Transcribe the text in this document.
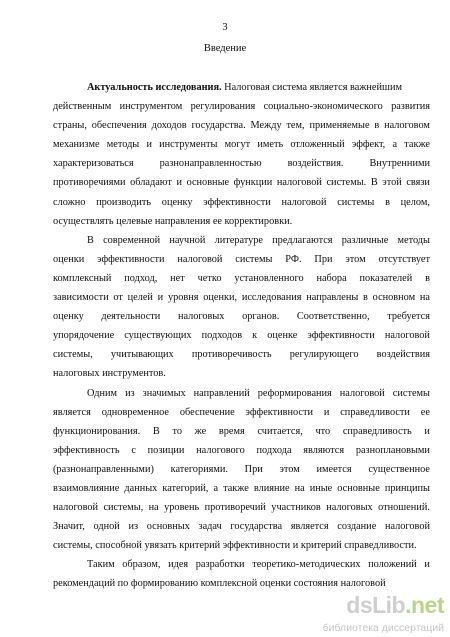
3
Введение
Актуальность исследования. Налоговая система является важнейшим
действенным инструментом регулирования социально-экономического развития
страны, обеспечения доходов государства. Между тем, применяемые в налоговом
механизме методы и инструменты могут иметь отложенный эффект, а также
характеризоваться	разнонаправленностью	воздействия.	Внутренними
противоречиями обладают и основные функции налоговой системы. В этой связи
сложно производить оценку эффективности налоговой системы в целом,
осуществлять целевые направления ее корректировки.
В современной научной литературе предлагаются различные методы
оценки эффективности налоговой системы РФ. При этом отсутствует
комплексный подход, нет четко установленного набора показателей в
зависимости от целей и уровня оценки, исследования направлены в основном на
оценку деятельности налоговых органов. Соответственно, требуется
упорядочение существующих подходов к оценке эффективности налоговой
системы, учитывающих противоречивость регулирующего воздействия
налоговых инструментов.
Одним из значимых направлений реформирования налоговой системы
является одновременное обеспечение эффективности и справедливости ее
функционирования. В то же время считается, что справедливость и
эффективность с позиции налогового подхода являются разноплановыми
(разнонаправленными) категориями. При этом имеется существенное
взаимовлияние данных категорий, а также влияние на иные основные принципы
налоговой системы, на уровень противоречий участников налоговых отношений.
Значит, одной из основных задач государства является создание налоговой
системы, способной увязать критерий эффективности и критерий справедливости.
Таким образом, идея разработки теоретико-методических положений и
рекомендаций по формированию комплексной оценки состояния налоговой
dsLib.net
библиотека диссертаций
